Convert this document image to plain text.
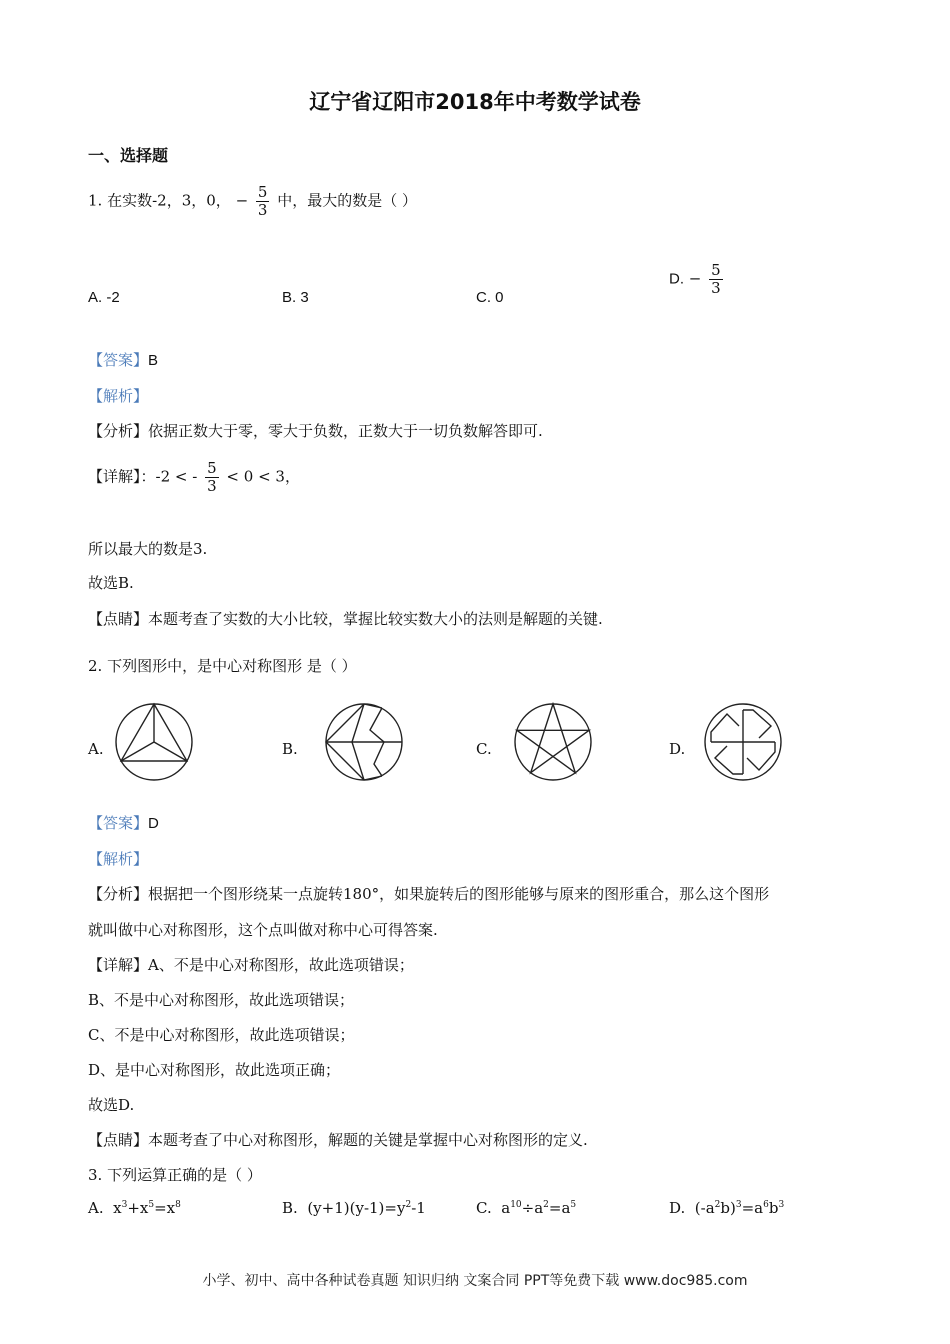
辽宁省辽阳市2018年中考数学试卷
一、选择题
1. 在实数-2，3，0， − $\frac{5}{3}$ 中，最大的数是（ ）
A. -2	B. 3	C. 0
D. − $\frac{5}{3}$
【答案】B
【解析】
【分析】依据正数大于零，零大于负数，正数大于一切负数解答即可.
【详解】：-2 < - $\frac{5}{3} < 0 < 3$，
所以最大的数是3.
故选B.
【点睛】本题考查了实数的大小比较，掌握比较实数大小的法则是解题的关键.
2. 下列图形中，是中心对称图形 是（ ）
A.	B.	C.	D.
【答案】D
【解析】
【分析】根据把一个图形绕某一点旋转180°，如果旋转后的图形能够与原来的图形重合，那么这个图形
就叫做中心对称图形，这个点叫做对称中心可得答案.
【详解】A、不是中心对称图形，故此选项错误；
B、不是中心对称图形，故此选项错误；
C、不是中心对称图形，故此选项错误；
D、是中心对称图形，故此选项正确；
故选D.
【点睛】本题考查了中心对称图形，解题的关键是掌握中心对称图形的定义.
3. 下列运算正确的是（ ）
A.  $x^3+x^5=x^8$	B.  $(y+1)(y-1)=y^2-1$	C.  $a^{10}\div a^2=a^5$	D.  $(-a^2b)^3=a^6b^3$
小学、初中、高中各种试卷真题 知识归纳 文案合同 PPT等免费下载 www.doc985.com
